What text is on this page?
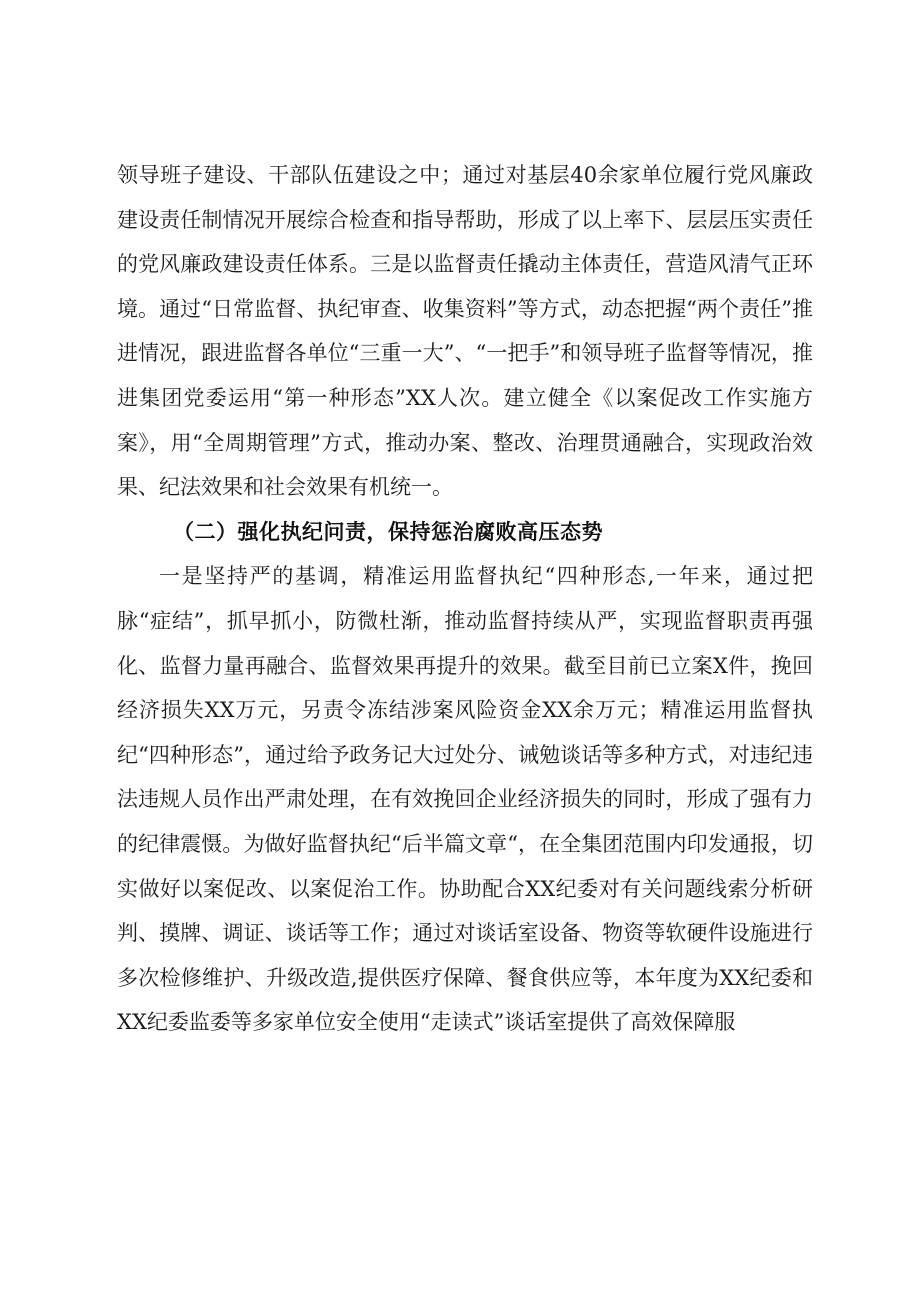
领导班子建设、干部队伍建设之中；通过对基层40余家单位履行党风廉政建设责任制情况开展综合检查和指导帮助，形成了以上率下、层层压实责任的党风廉政建设责任体系。三是以监督责任撬动主体责任，营造风清气正环境。通过“日常监督、执纪审查、收集资料”等方式，动态把握“两个责任”推进情况，跟进监督各单位“三重一大”、“一把手”和领导班子监督等情况，推进集团党委运用“第一种形态”XX人次。建立健全《以案促改工作实施方案》，用“全周期管理”方式，推动办案、整改、治理贯通融合，实现政治效果、纪法效果和社会效果有机统一。

（二）强化执纪问责，保持惩治腐败高压态势

一是坚持严的基调，精准运用监督执纪“四种形态,一年来，通过把脉“症结”，抓早抓小，防微杜渐，推动监督持续从严，实现监督职责再强化、监督力量再融合、监督效果再提升的效果。截至目前已立案X件，挽回经济损失XX万元，另责令冻结涉案风险资金XX余万元；精准运用监督执纪“四种形态”，通过给予政务记大过处分、诫勉谈话等多种方式，对违纪违法违规人员作出严肃处理，在有效挽回企业经济损失的同时，形成了强有力的纪律震慑。为做好监督执纪“后半篇文章“，在全集团范围内印发通报，切实做好以案促改、以案促治工作。协助配合XX纪委对有关问题线索分析研判、摸牌、调证、谈话等工作；通过对谈话室设备、物资等软硬件设施进行多次检修维护、升级改造,提供医疗保障、餐食供应等，本年度为XX纪委和XX纪委监委等多家单位安全使用“走读式”谈话室提供了高效保障服
